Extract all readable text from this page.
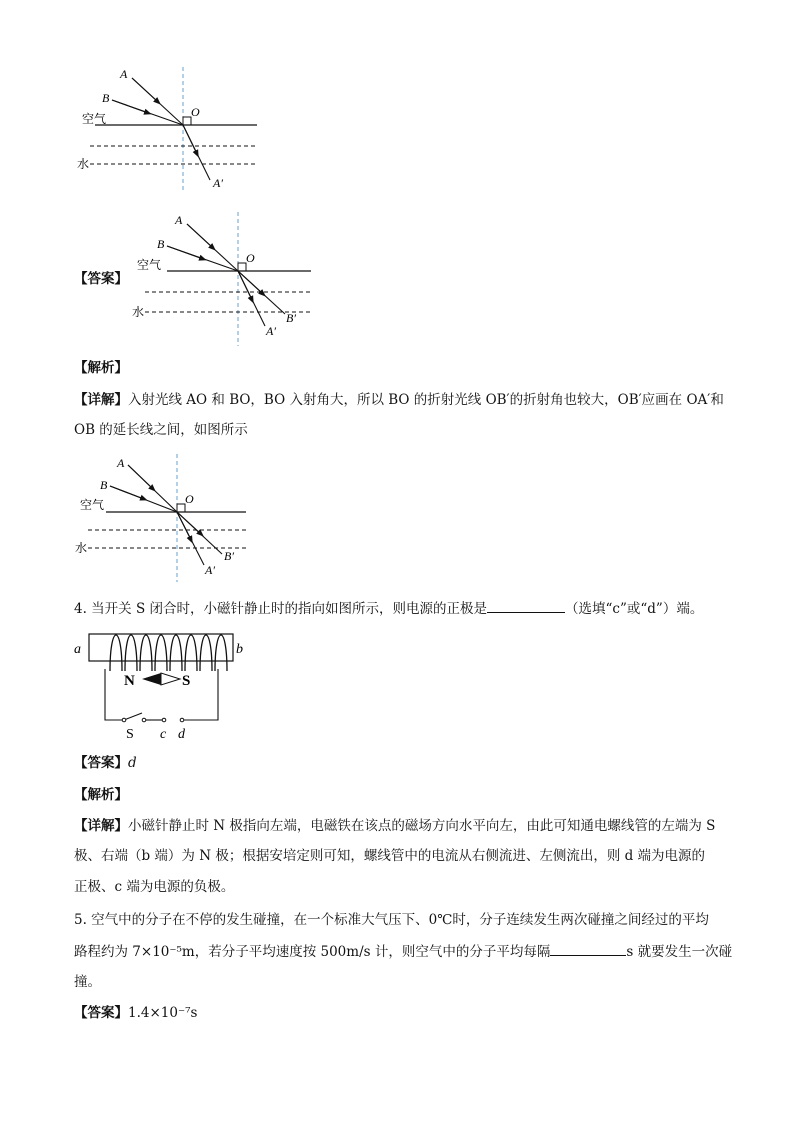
A
B
O
空气
水
A′
【答案】
A
B
O
空气
水
A′
B′
【解析】
【详解】入射光线 AO 和 BO，BO 入射角大，所以 BO 的折射光线 OB′的折射角也较大，OB′应画在 OA′和
OB 的延长线之间，如图所示
A
B
O
空气
水
A′
B′
4. 当开关 S 闭合时，小磁针静止时的指向如图所示，则电源的正极是	（选填“c”或“d”）端。
a	b
N	S
S c d
【答案】d
【解析】
【详解】小磁针静止时 N 极指向左端，电磁铁在该点的磁场方向水平向左，由此可知通电螺线管的左端为 S
极、右端（b 端）为 N 极；根据安培定则可知，螺线管中的电流从右侧流进、左侧流出，则 d 端为电源的
正极、c 端为电源的负极。
5. 空气中的分子在不停的发生碰撞，在一个标准大气压下、0℃时，分子连续发生两次碰撞之间经过的平均
路程约为 7×10⁻⁵m，若分子平均速度按 500m/s 计，则空气中的分子平均每隔	s 就要发生一次碰
撞。
【答案】1.4×10⁻⁷s
